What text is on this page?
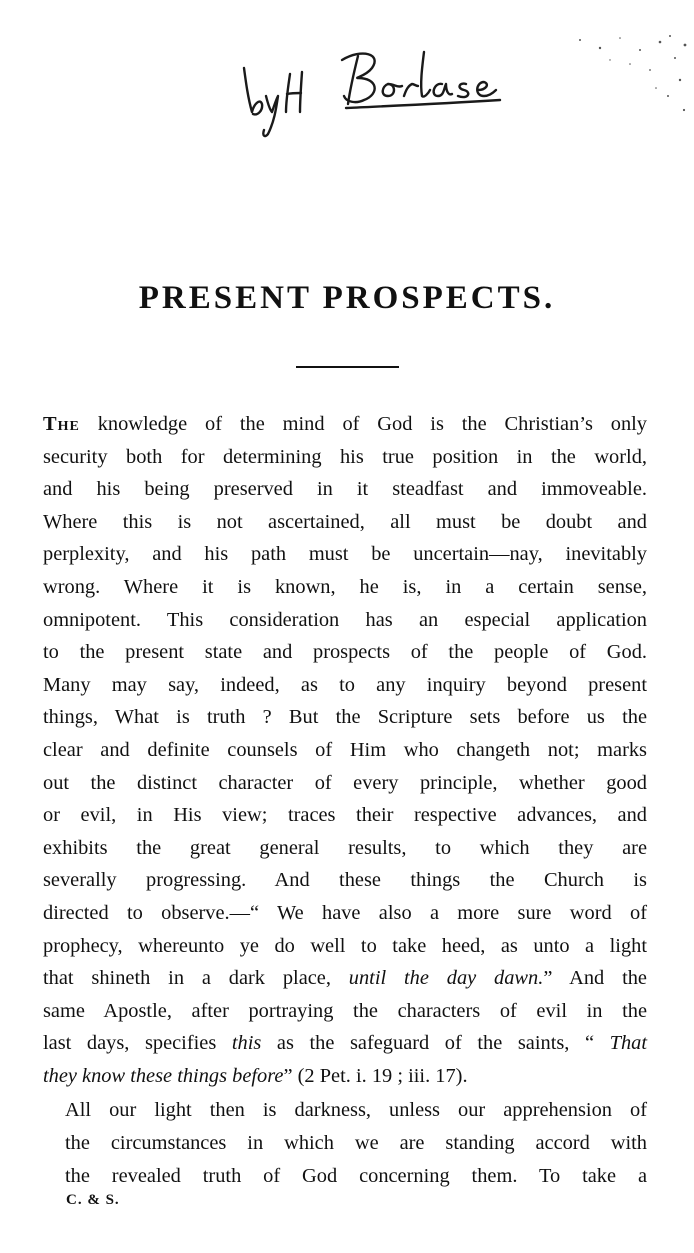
PRESENT PROSPECTS.

The knowledge of the mind of God is the Christian’s only
security both for determining his true position in the world,
and his being preserved in it steadfast and immoveable.
Where this is not ascertained, all must be doubt and
perplexity, and his path must be uncertain—nay, inevitably
wrong. Where it is known, he is, in a certain sense,
omnipotent. This consideration has an especial application
to the present state and prospects of the people of God.
Many may say, indeed, as to any inquiry beyond present
things, What is truth ? But the Scripture sets before us the
clear and definite counsels of Him who changeth not; marks
out the distinct character of every principle, whether good
or evil, in His view; traces their respective advances, and
exhibits the great general results, to which they are
severally progressing. And these things the Church is
directed to observe.—“ We have also a more sure word of
prophecy, whereunto ye do well to take heed, as unto a light
that shineth in a dark place, until the day dawn.” And the
same Apostle, after portraying the characters of evil in the
last days, specifies this as the safeguard of the saints, “ That
they know these things before” (2 Pet. i. 19 ; iii. 17).

All our light then is darkness, unless our apprehension of
the circumstances in which we are standing accord with
the revealed truth of God concerning them. To take a

C. & S.
